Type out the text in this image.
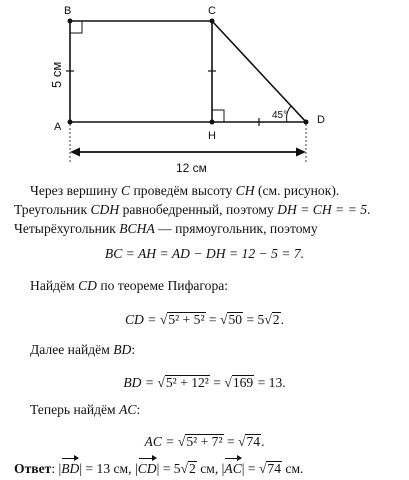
B	C
A
H
D
45°
5 см
12 см
Через вершину C проведём высоту CH (см. рисунок). Треугольник CDH равнобедренный, поэтому DH = CH = = 5. Четырёхугольник BCHA — прямоугольник, поэтому
BC = AH = AD − DH = 12 − 5 = 7.
Найдём CD по теореме Пифагора:
CD = √5² + 5² = √50 = 5√2.
Далее найдём BD:
BD = √5² + 12² = √169 = 13.
Теперь найдём AC:
AC = √5² + 7² = √74.
Ответ: |BD| = 13 см, |CD| = 5√2 см, |AC| = √74 см.
